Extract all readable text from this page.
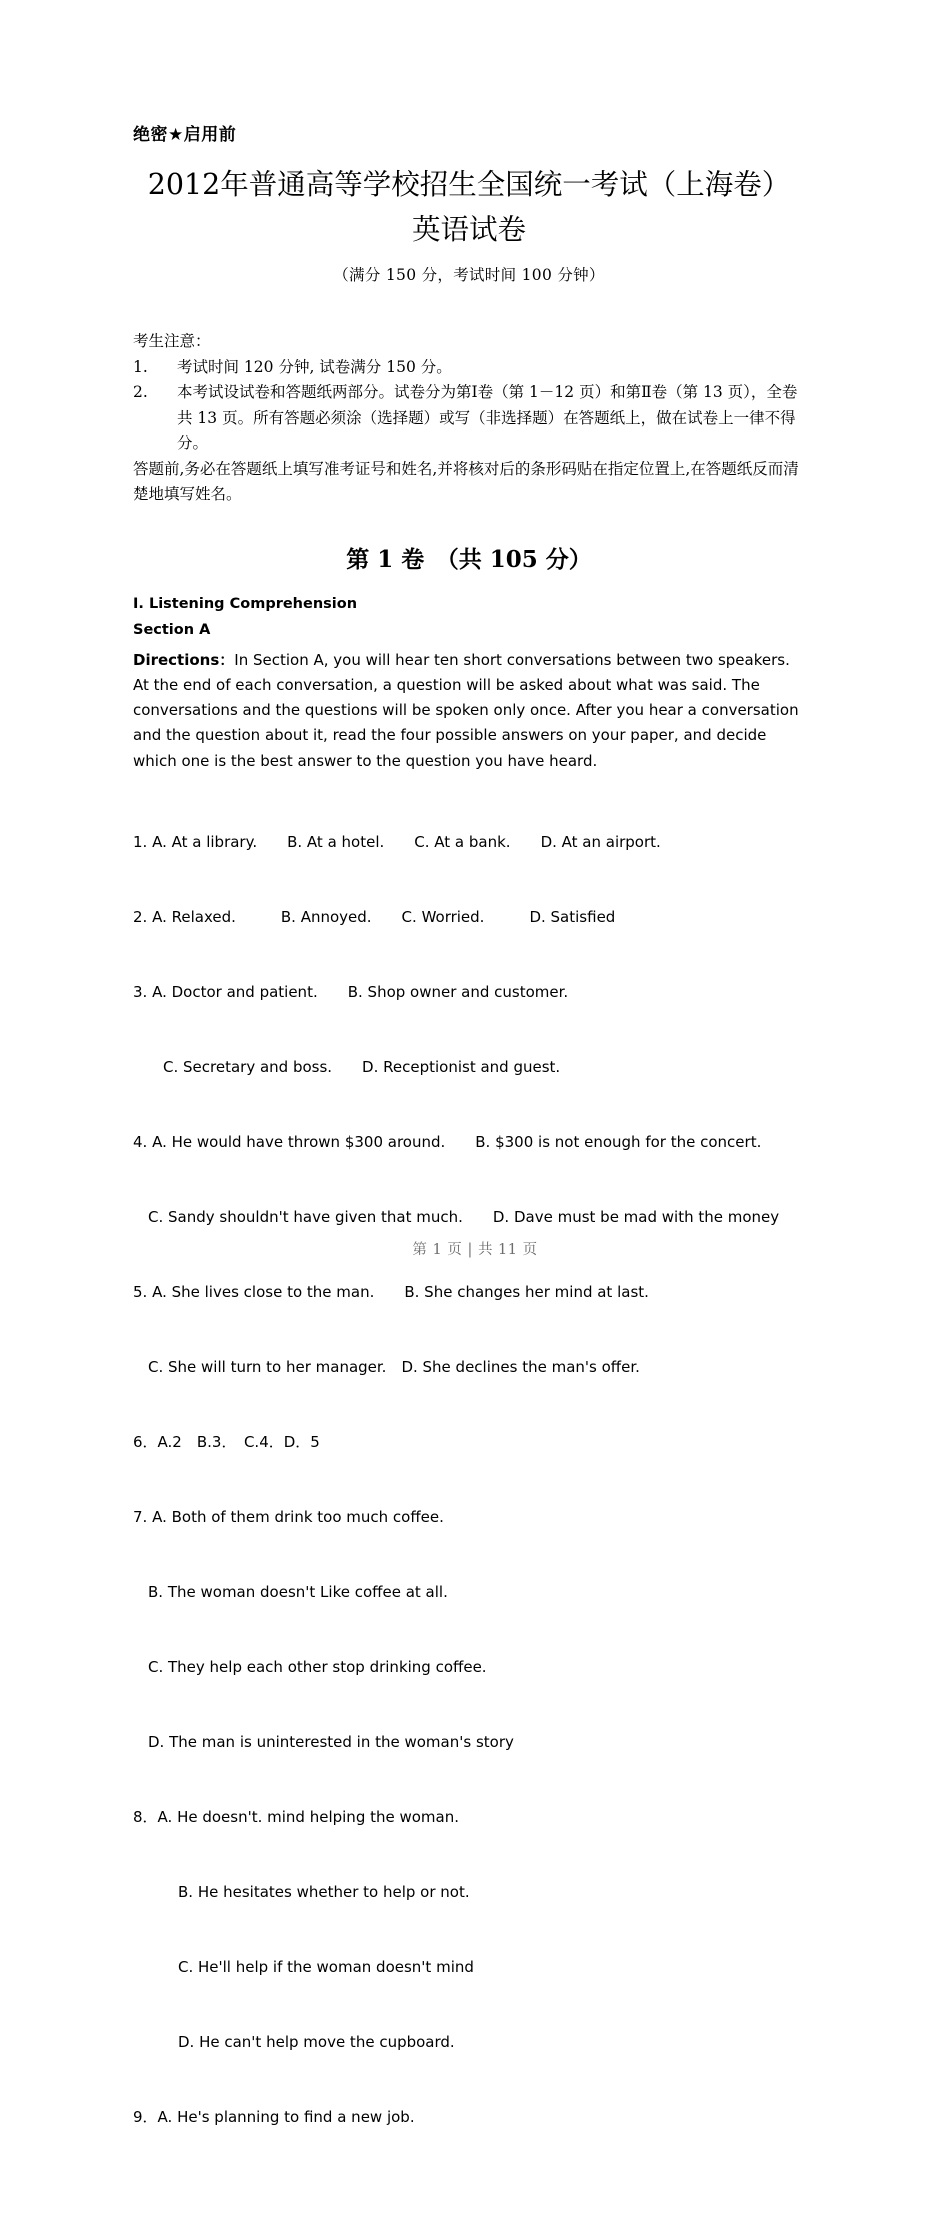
绝密★启用前
2012年普通高等学校招生全国统一考试（上海卷）
英语试卷
（满分 150 分，考试时间 100 分钟）
考生注意：
1. 考试时间 120 分钟, 试卷满分 150 分。
2. 本考试设试卷和答题纸两部分。试卷分为第Ⅰ卷（第 1－12 页）和第Ⅱ卷（第 13 页），全卷共 13 页。所有答题必须涂（选择题）或写（非选择题）在答题纸上，做在试卷上一律不得分。
答题前,务必在答题纸上填写准考证号和姓名,并将核对后的条形码贴在指定位置上,在答题纸反而清楚地填写姓名。
第 1 卷　（共 105 分）
Ⅰ. Listening Comprehension
Section A
Directions：In Section A, you will hear ten short conversations between two speakers. At the end of each conversation, a question will be asked about what was said. The conversations and the questions will be spoken only once. After you hear a conversation and the question about it, read the four possible answers on your paper, and decide which one is the best answer to the question you have heard.

1. A. At a library.　　B. At a hotel.　　C. At a bank.　　D. At an airport.

2. A. Relaxed.　　　B. Annoyed.　　C. Worried.　　　D. Satisfied

3. A. Doctor and patient.　　B. Shop owner and customer.

　　C. Secretary and boss.　　D. Receptionist and guest.

4. A. He would have thrown $300 around.　　B. $300 is not enough for the concert.

　C. Sandy shouldn't have given that much.　　D. Dave must be mad with the money

5. A. She lives close to the man.　　B. She changes her mind at last.

　C. She will turn to her manager.　D. She declines the man's offer.

6．A.2　B.3．　C.4．D．5

7. A. Both of them drink too much coffee.

　B. The woman doesn't Like coffee at all.

　C. They help each other stop drinking coffee.

　D. The man is uninterested in the woman's story

8．A. He doesn't. mind helping the woman.

　　　B. He hesitates whether to help or not.

　　　C. He'll help if the woman doesn't mind

　　　D. He can't help move the cupboard.

9．A. He's planning to find a new job.

第 1 页 | 共 11 页
